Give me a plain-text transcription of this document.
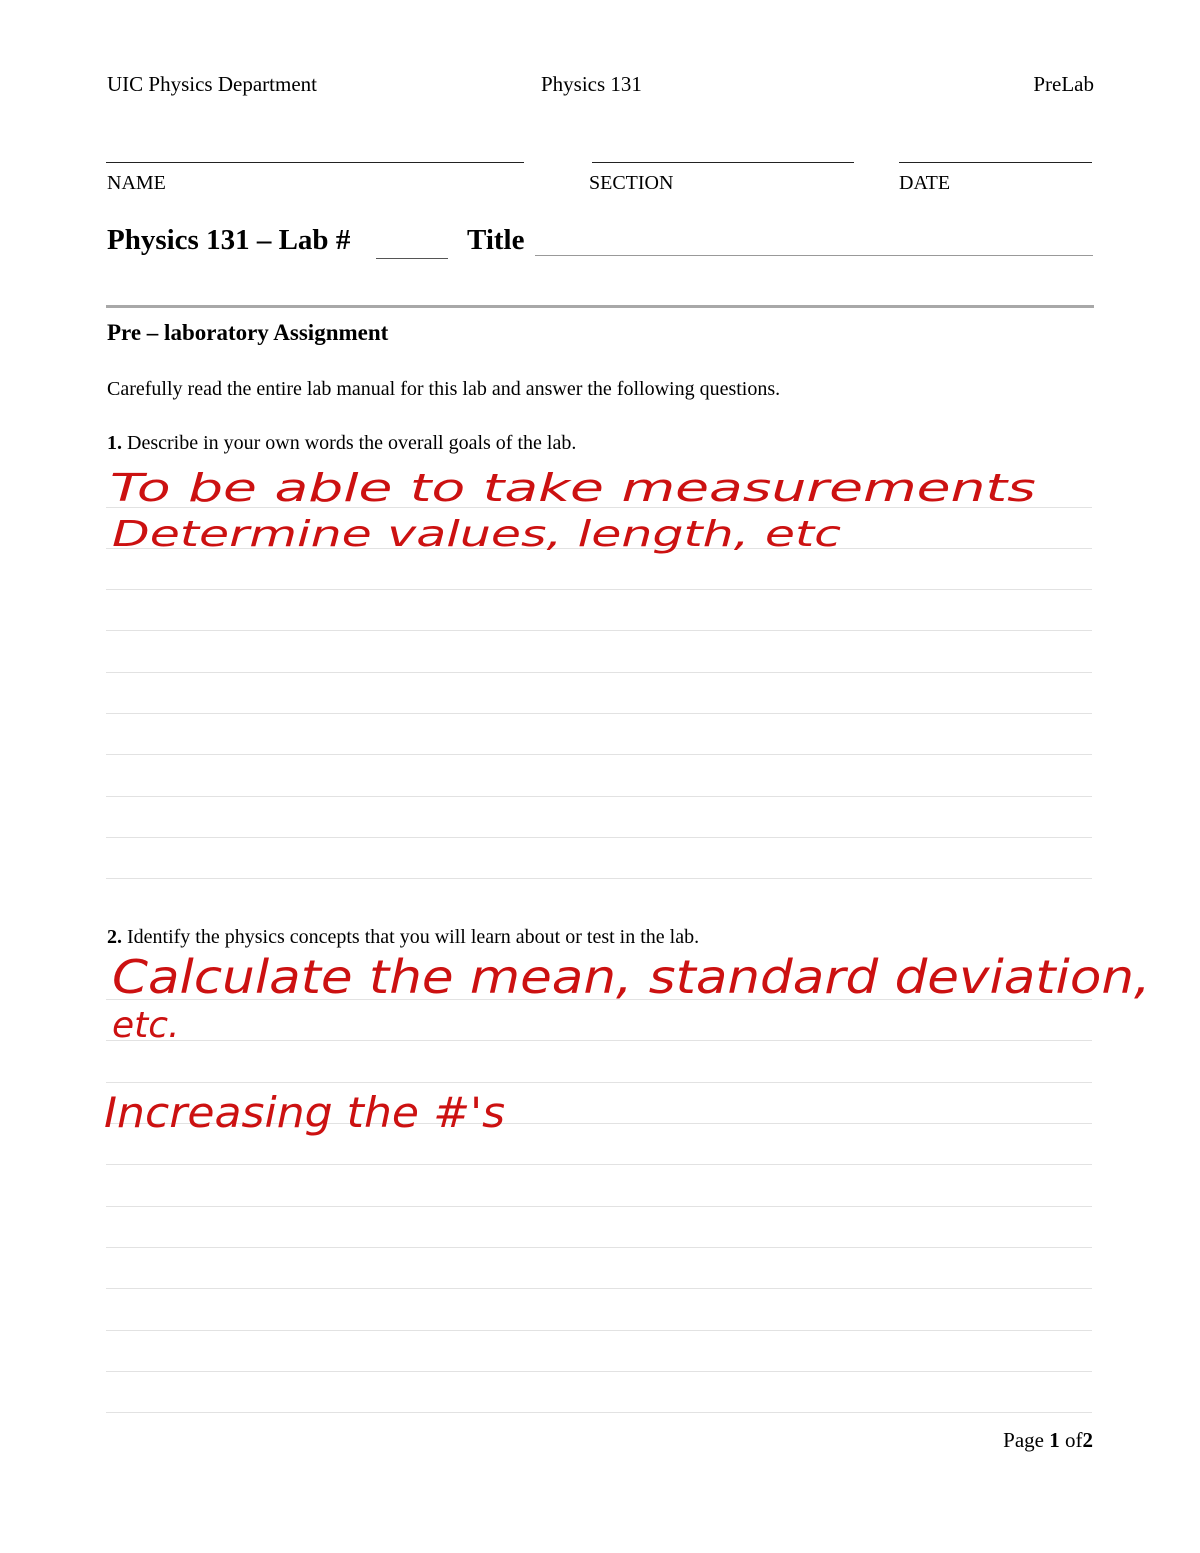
UIC Physics Department	Physics 131	PreLab
NAME	SECTION	DATE
Physics 131 – Lab #	Title
Pre – laboratory Assignment
Carefully read the entire lab manual for this lab and answer the following questions.
1. Describe in your own words the overall goals of the lab.
To be able to take measurements
Determine values, length, etc
2. Identify the physics concepts that you will learn about or test in the lab.
Calculate the mean, standard deviation,
etc.
Increasing the #'s
Page 1 of2
